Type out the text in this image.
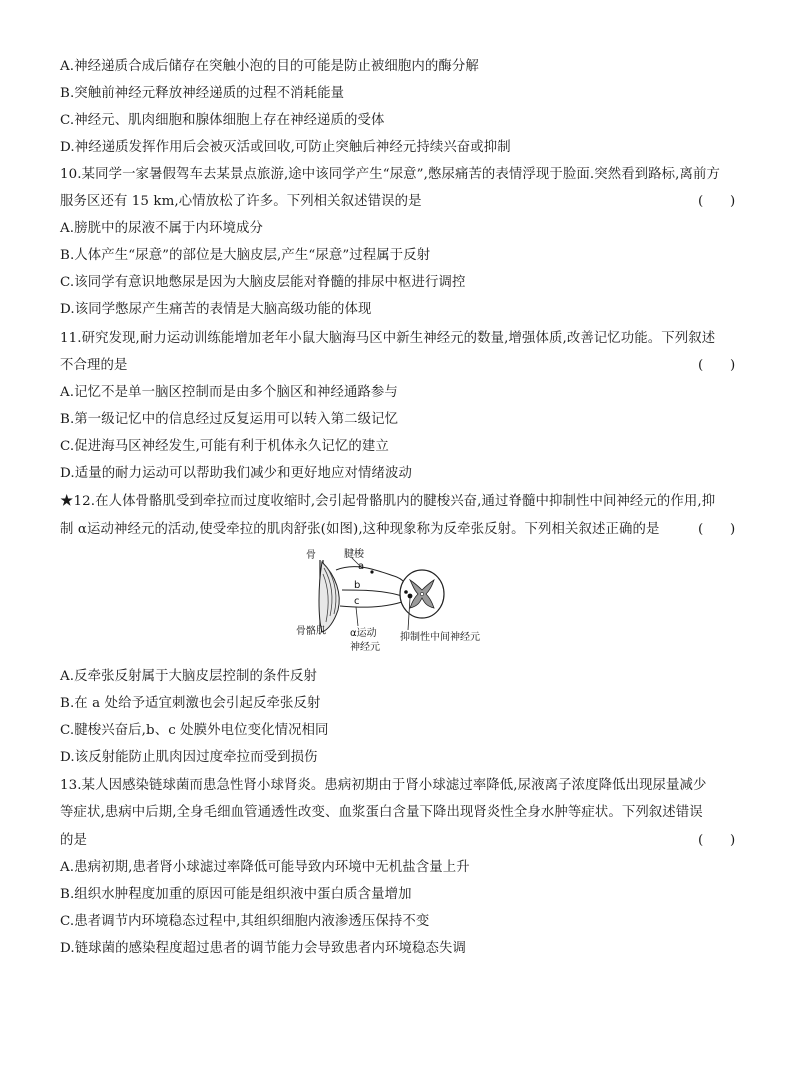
A.神经递质合成后储存在突触小泡的目的可能是防止被细胞内的酶分解
B.突触前神经元释放神经递质的过程不消耗能量
C.神经元、肌肉细胞和腺体细胞上存在神经递质的受体
D.神经递质发挥作用后会被灭活或回收,可防止突触后神经元持续兴奋或抑制
10.某同学一家暑假驾车去某景点旅游,途中该同学产生“尿意”,憋尿痛苦的表情浮现于脸面.突然看到路标,离前方
服务区还有 15 km,心情放松了许多。下列相关叙述错误的是	(　　)
A.膀胱中的尿液不属于内环境成分
B.人体产生“尿意”的部位是大脑皮层,产生“尿意”过程属于反射
C.该同学有意识地憋尿是因为大脑皮层能对脊髓的排尿中枢进行调控
D.该同学憋尿产生痛苦的表情是大脑高级功能的体现
11.研究发现,耐力运动训练能增加老年小鼠大脑海马区中新生神经元的数量,增强体质,改善记忆功能。下列叙述
不合理的是	(　　)
A.记忆不是单一脑区控制而是由多个脑区和神经通路参与
B.第一级记忆中的信息经过反复运用可以转入第二级记忆
C.促进海马区神经发生,可能有利于机体永久记忆的建立
D.适量的耐力运动可以帮助我们减少和更好地应对情绪波动
★12.在人体骨骼肌受到牵拉而过度收缩时,会引起骨骼肌内的腱梭兴奋,通过脊髓中抑制性中间神经元的作用,抑
制 α运动神经元的活动,使受牵拉的肌肉舒张(如图),这种现象称为反牵张反射。下列相关叙述正确的是	(　　)
骨	腱梭
a
b
c
骨骼肌 α运动
神经元
抑制性中间神经元
A.反牵张反射属于大脑皮层控制的条件反射
B.在 a 处给予适宜刺激也会引起反牵张反射
C.腱梭兴奋后,b、c 处膜外电位变化情况相同
D.该反射能防止肌肉因过度牵拉而受到损伤
13.某人因感染链球菌而患急性肾小球肾炎。患病初期由于肾小球滤过率降低,尿液离子浓度降低出现尿量减少
等症状,患病中后期,全身毛细血管通透性改变、血浆蛋白含量下降出现肾炎性全身水肿等症状。下列叙述错误
的是	(　　)
A.患病初期,患者肾小球滤过率降低可能导致内环境中无机盐含量上升
B.组织水肿程度加重的原因可能是组织液中蛋白质含量增加
C.患者调节内环境稳态过程中,其组织细胞内液渗透压保持不变
D.链球菌的感染程度超过患者的调节能力会导致患者内环境稳态失调
